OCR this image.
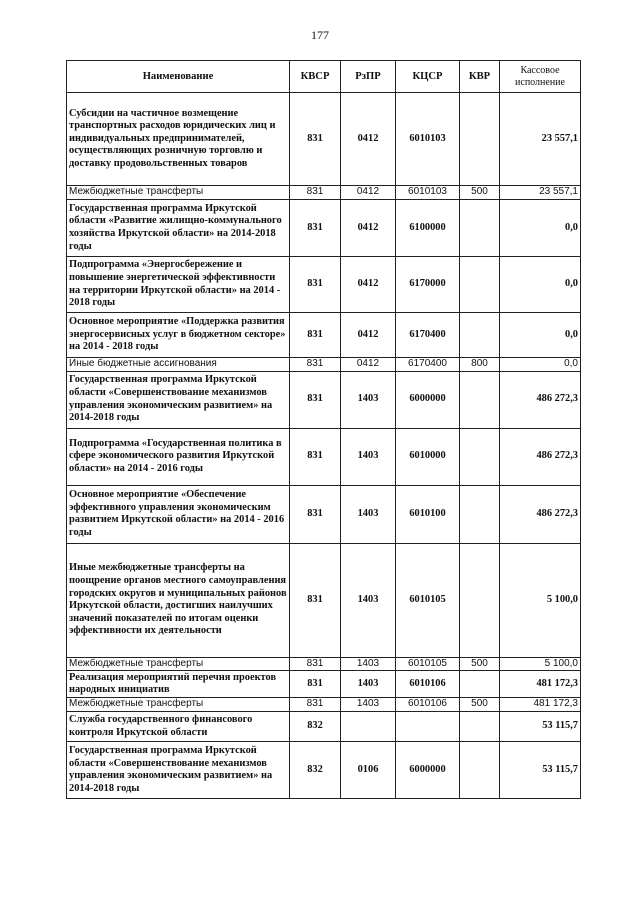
177
Наименование	КВСР	РзПР	КЦСР	КВР	Кассовое исполнение
Субсидии на частичное возмещение транспортных расходов юридических лиц и индивидуальных предпринимателей, осуществляющих розничную торговлю и доставку продовольственных товаров	831	0412	6010103		23 557,1
Межбюджетные трансферты	831	0412	6010103	500	23 557,1
Государственная программа Иркутской области «Развитие жилищно-коммунального хозяйства Иркутской области» на 2014-2018 годы	831	0412	6100000		0,0
Подпрограмма «Энергосбережение и повышение энергетической эффективности на территории Иркутской области» на 2014 - 2018 годы	831	0412	6170000		0,0
Основное мероприятие «Поддержка развития энергосервисных услуг в бюджетном секторе» на 2014 - 2018 годы	831	0412	6170400		0,0
Иные бюджетные ассигнования	831	0412	6170400	800	0,0
Государственная программа Иркутской области «Совершенствование механизмов управления экономическим развитием» на 2014-2018 годы	831	1403	6000000		486 272,3
Подпрограмма «Государственная политика в сфере экономического развития Иркутской области» на 2014 - 2016 годы	831	1403	6010000		486 272,3
Основное мероприятие «Обеспечение эффективного управления экономическим развитием Иркутской области» на 2014 - 2016 годы	831	1403	6010100		486 272,3
Иные межбюджетные трансферты на поощрение органов местного самоуправления городских округов и муниципальных районов Иркутской области, достигших наилучших значений показателей по итогам оценки эффективности их деятельности	831	1403	6010105		5 100,0
Межбюджетные трансферты	831	1403	6010105	500	5 100,0
Реализация мероприятий перечня проектов народных инициатив	831	1403	6010106		481 172,3
Межбюджетные трансферты	831	1403	6010106	500	481 172,3
Служба государственного финансового контроля Иркутской области	832				53 115,7
Государственная программа Иркутской области «Совершенствование механизмов управления экономическим развитием» на 2014-2018 годы	832	0106	6000000		53 115,7
